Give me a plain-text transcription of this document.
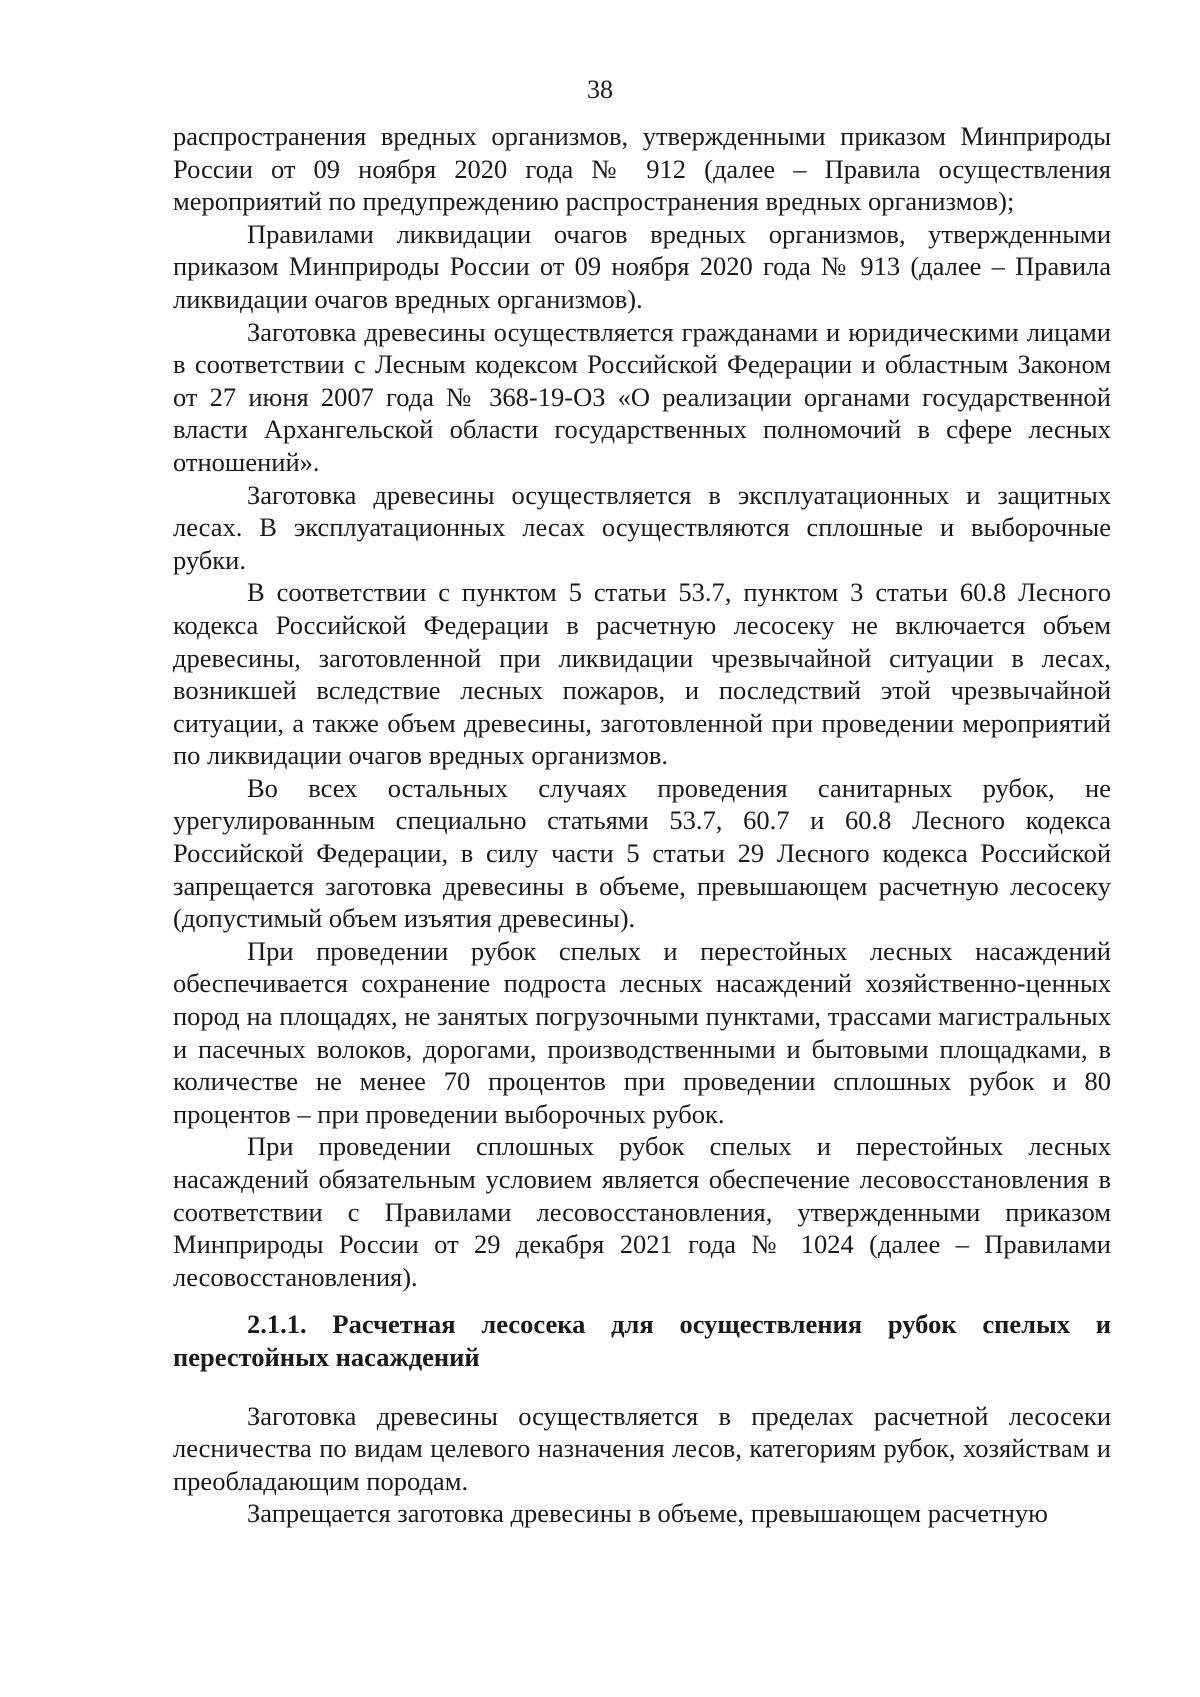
38

распространения вредных организмов, утвержденными приказом Минприроды России от 09 ноября 2020 года № 912 (далее – Правила осуществления мероприятий по предупреждению распространения вредных организмов);

Правилами ликвидации очагов вредных организмов, утвержденными приказом Минприроды России от 09 ноября 2020 года № 913 (далее – Правила ликвидации очагов вредных организмов).

Заготовка древесины осуществляется гражданами и юридическими лицами в соответствии с Лесным кодексом Российской Федерации и областным Законом от 27 июня 2007 года № 368-19-ОЗ «О реализации органами государственной власти Архангельской области государственных полномочий в сфере лесных отношений».

Заготовка древесины осуществляется в эксплуатационных и защитных лесах. В эксплуатационных лесах осуществляются сплошные и выборочные рубки.

В соответствии с пунктом 5 статьи 53.7, пунктом 3 статьи 60.8 Лесного кодекса Российской Федерации в расчетную лесосеку не включается объем древесины, заготовленной при ликвидации чрезвычайной ситуации в лесах, возникшей вследствие лесных пожаров, и последствий этой чрезвычайной ситуации, а также объем древесины, заготовленной при проведении мероприятий по ликвидации очагов вредных организмов.

Во всех остальных случаях проведения санитарных рубок, не урегулированным специально статьями 53.7, 60.7 и 60.8 Лесного кодекса Российской Федерации, в силу части 5 статьи 29 Лесного кодекса Российской запрещается заготовка древесины в объеме, превышающем расчетную лесосеку (допустимый объем изъятия древесины).

При проведении рубок спелых и перестойных лесных насаждений обеспечивается сохранение подроста лесных насаждений хозяйственно-ценных пород на площадях, не занятых погрузочными пунктами, трассами магистральных и пасечных волоков, дорогами, производственными и бытовыми площадками, в количестве не менее 70 процентов при проведении сплошных рубок и 80 процентов – при проведении выборочных рубок.

При проведении сплошных рубок спелых и перестойных лесных насаждений обязательным условием является обеспечение лесовосстановления в соответствии с Правилами лесовосстановления, утвержденными приказом Минприроды России от 29 декабря 2021 года № 1024 (далее – Правилами лесовосстановления).

2.1.1. Расчетная лесосека для осуществления рубок спелых и перестойных насаждений

Заготовка древесины осуществляется в пределах расчетной лесосеки лесничества по видам целевого назначения лесов, категориям рубок, хозяйствам и преобладающим породам.

Запрещается заготовка древесины в объеме, превышающем расчетную
